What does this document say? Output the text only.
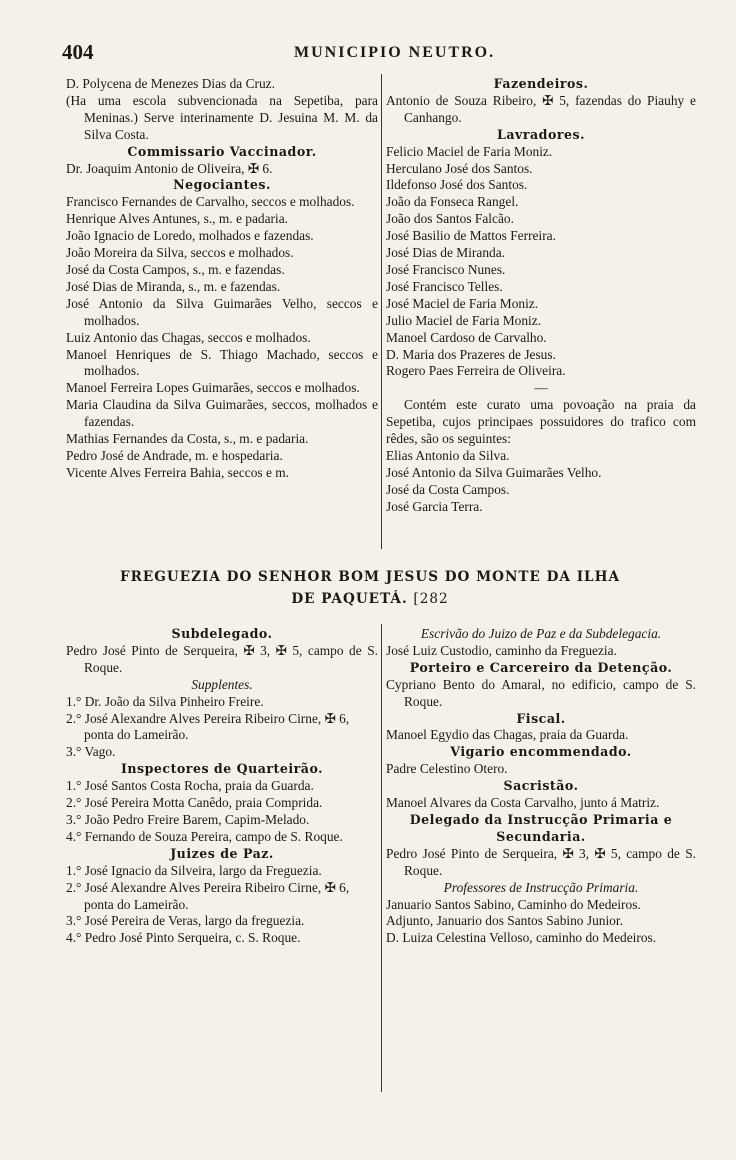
404	MUNICIPIO NEUTRO.

D. Polycena de Menezes Dias da Cruz.

(Ha uma escola subvencionada na Sepetiba, para Meninas.) Serve interinamente D. Jesuina M. M. da Silva Costa.

Commissario Vaccinador.

Dr. Joaquim Antonio de Oliveira, ✠ 6.

Negociantes.

Francisco Fernandes de Carvalho, seccos e molhados.

Henrique Alves Antunes, s., m. e padaria.

João Ignacio de Loredo, molhados e fazendas.

João Moreira da Silva, seccos e molhados.

José da Costa Campos, s., m. e fazendas.

José Dias de Miranda, s., m. e fazendas.

José Antonio da Silva Guimarães Velho, seccos e molhados.

Luiz Antonio das Chagas, seccos e molhados.

Manoel Henriques de S. Thiago Machado, seccos e molhados.

Manoel Ferreira Lopes Guimarães, seccos e molhados.

Maria Claudina da Silva Guimarães, seccos, molhados e fazendas.

Mathias Fernandes da Costa, s., m. e padaria.

Pedro José de Andrade, m. e hospedaria.

Vicente Alves Ferreira Bahia, seccos e m.

Fazendeiros.

Antonio de Souza Ribeiro, ✠ 5, fazendas do Piauhy e Canhango.

Lavradores.

Felicio Maciel de Faria Moniz.

Herculano José dos Santos.

Ildefonso José dos Santos.

João da Fonseca Rangel.

João dos Santos Falcão.

José Basilio de Mattos Ferreira.

José Dias de Miranda.

José Francisco Nunes.

José Francisco Telles.

José Maciel de Faria Moniz.

Julio Maciel de Faria Moniz.

Manoel Cardoso de Carvalho.

D. Maria dos Prazeres de Jesus.

Rogero Paes Ferreira de Oliveira.

—

Contém este curato uma povoação na praia da Sepetiba, cujos principaes possuidores do trafico com rêdes, são os seguintes:

Elias Antonio da Silva.

José Antonio da Silva Guimarães Velho.

José da Costa Campos.

José Garcia Terra.

FREGUEZIA DO SENHOR BOM JESUS DO MONTE DA ILHA
DE PAQUETÁ. [282

Subdelegado.

Pedro José Pinto de Serqueira, ✠ 3, ✠ 5, campo de S. Roque.

Supplentes.

1.° Dr. João da Silva Pinheiro Freire.

2.° José Alexandre Alves Pereira Ribeiro Cirne, ✠ 6, ponta do Lameirão.

3.° Vago.

Inspectores de Quarteirão.

1.° José Santos Costa Rocha, praia da Guarda.

2.° José Pereira Motta Canêdo, praia Comprida.

3.° João Pedro Freire Barem, Capim-Melado.

4.° Fernando de Souza Pereira, campo de S. Roque.

Juizes de Paz.

1.° José Ignacio da Silveira, largo da Freguezia.

2.° José Alexandre Alves Pereira Ribeiro Cirne, ✠ 6, ponta do Lameirão.

3.° José Pereira de Veras, largo da freguezia.

4.° Pedro José Pinto Serqueira, c. S. Roque.

Escrivão do Juizo de Paz e da Subdelegacia.

José Luiz Custodio, caminho da Freguezia.

Porteiro e Carcereiro da Detenção.

Cypriano Bento do Amaral, no edificio, campo de S. Roque.

Fiscal.

Manoel Egydio das Chagas, praia da Guarda.

Vigario encommendado.

Padre Celestino Otero.

Sacristão.

Manoel Alvares da Costa Carvalho, junto á Matriz.

Delegado da Instrucção Primaria e Secundaria.

Pedro José Pinto de Serqueira, ✠ 3, ✠ 5, campo de S. Roque.

Professores de Instrucção Primaria.

Januario Santos Sabino, Caminho do Medeiros.

Adjunto, Januario dos Santos Sabino Junior.

D. Luiza Celestina Velloso, caminho do Medeiros.
